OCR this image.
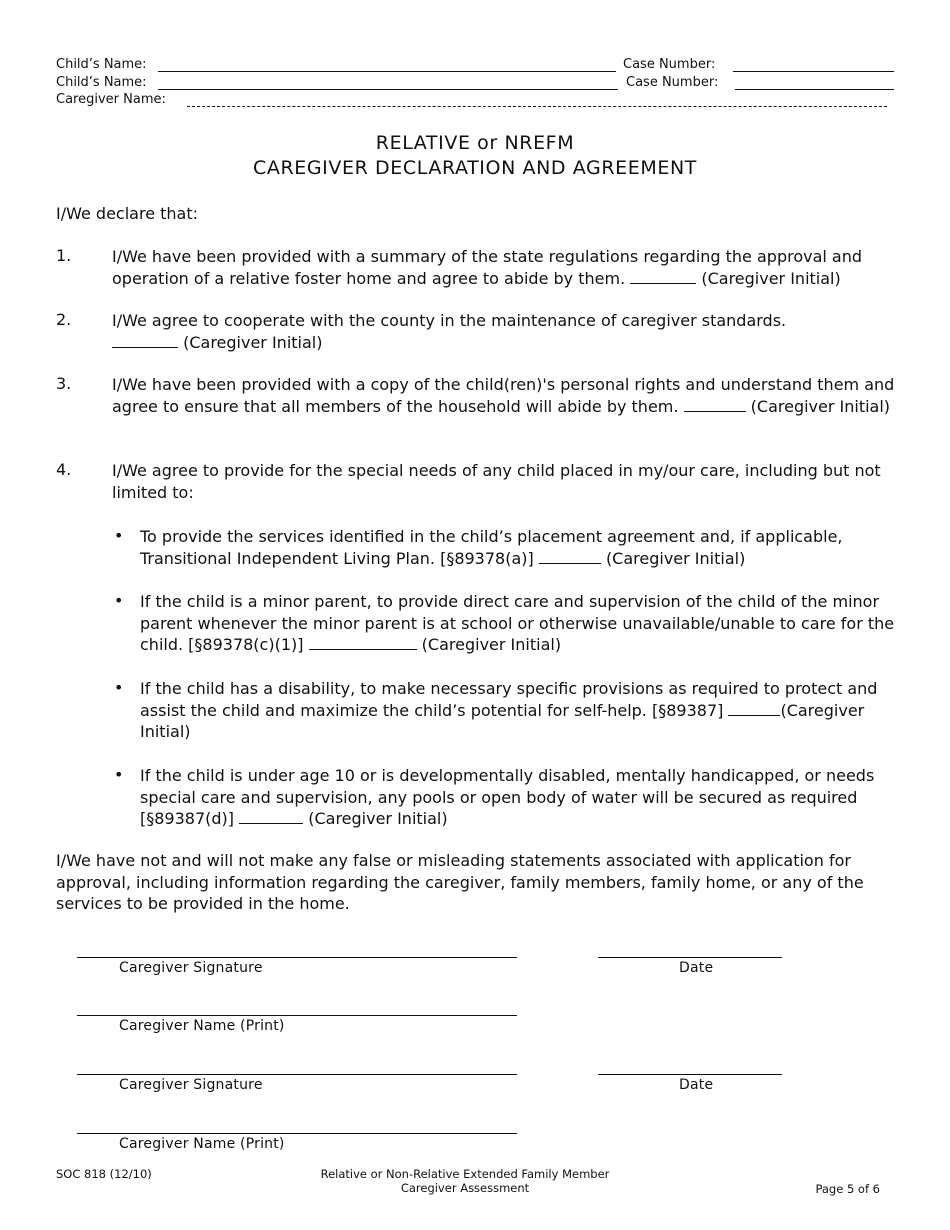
Child’s Name:	Case Number:
Child’s Name:	Case Number:
Caregiver Name:
RELATIVE or NREFM
CAREGIVER DECLARATION AND AGREEMENT
I/We declare that:
1.	I/We have been provided with a summary of the state regulations regarding the approval and operation of a relative foster home and agree to abide by them.	(Caregiver Initial)
2.	I/We agree to cooperate with the county in the maintenance of caregiver standards.
(Caregiver Initial)
3.	I/We have been provided with a copy of the child(ren)'s personal rights and understand them and agree to ensure that all members of the household will abide by them.	(Caregiver Initial)
4.	I/We agree to provide for the special needs of any child placed in my/our care, including but not limited to:
• To provide the services identified in the child’s placement agreement and, if applicable, Transitional Independent Living Plan. [§89378(a)]	(Caregiver Initial)
• If the child is a minor parent, to provide direct care and supervision of the child of the minor parent whenever the minor parent is at school or otherwise unavailable/unable to care for the child. [§89378(c)(1)]	(Caregiver Initial)
• If the child has a disability, to make necessary specific provisions as required to protect and assist the child and maximize the child’s potential for self-help. [§89387]	(Caregiver Initial)
• If the child is under age 10 or is developmentally disabled, mentally handicapped, or needs special care and supervision, any pools or open body of water will be secured as required [§89387(d)]	(Caregiver Initial)
I/We have not and will not make any false or misleading statements associated with application for approval, including information regarding the caregiver, family members, family home, or any of the services to be provided in the home.
Caregiver Signature	Date
Caregiver Name (Print)
Caregiver Signature	Date
Caregiver Name (Print)
SOC 818 (12/10)	Relative or Non-Relative Extended Family Member
Caregiver Assessment	Page 5 of 6
